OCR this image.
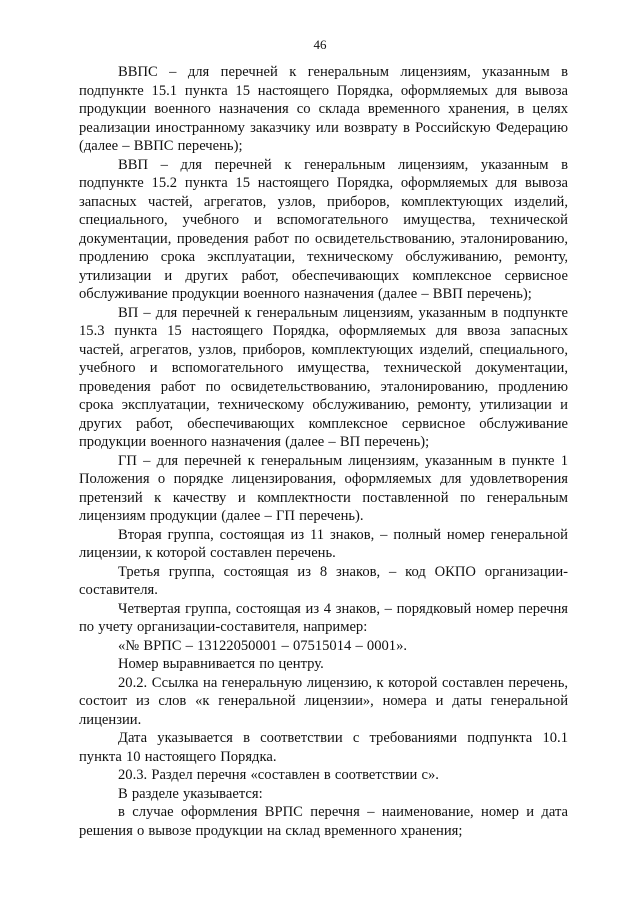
46

ВВПС – для перечней к генеральным лицензиям, указанным в подпункте 15.1 пункта 15 настоящего Порядка, оформляемых для вывоза продукции военного назначения со склада временного хранения, в целях реализации иностранному заказчику или возврату в Российскую Федерацию (далее – ВВПС перечень);

ВВП – для перечней к генеральным лицензиям, указанным в подпункте 15.2 пункта 15 настоящего Порядка, оформляемых для вывоза запасных частей, агрегатов, узлов, приборов, комплектующих изделий, специального, учебного и вспомогательного имущества, технической документации, проведения работ по освидетельствованию, эталонированию, продлению срока эксплуатации, техническому обслуживанию, ремонту, утилизации и других работ, обеспечивающих комплексное сервисное обслуживание продукции военного назначения (далее – ВВП перечень);

ВП – для перечней к генеральным лицензиям, указанным в подпункте 15.3 пункта 15 настоящего Порядка, оформляемых для ввоза запасных частей, агрегатов, узлов, приборов, комплектующих изделий, специального, учебного и вспомогательного имущества, технической документации, проведения работ по освидетельствованию, эталонированию, продлению срока эксплуатации, техническому обслуживанию, ремонту, утилизации и других работ, обеспечивающих комплексное сервисное обслуживание продукции военного назначения (далее – ВП перечень);

ГП – для перечней к генеральным лицензиям, указанным в пункте 1 Положения о порядке лицензирования, оформляемых для удовлетворения претензий к качеству и комплектности поставленной по генеральным лицензиям продукции (далее – ГП перечень).

Вторая группа, состоящая из 11 знаков, – полный номер генеральной лицензии, к которой составлен перечень.

Третья группа, состоящая из 8 знаков, – код ОКПО организации-составителя.

Четвертая группа, состоящая из 4 знаков, – порядковый номер перечня по учету организации-составителя, например:

«№ ВРПС – 13122050001 – 07515014 – 0001».

Номер выравнивается по центру.

20.2. Ссылка на генеральную лицензию, к которой составлен перечень, состоит из слов «к генеральной лицензии», номера и даты генеральной лицензии.

Дата указывается в соответствии с требованиями подпункта 10.1 пункта 10 настоящего Порядка.

20.3. Раздел перечня «составлен в соответствии с».

В разделе указывается:

в случае оформления ВРПС перечня – наименование, номер и дата решения о вывозе продукции на склад временного хранения;
